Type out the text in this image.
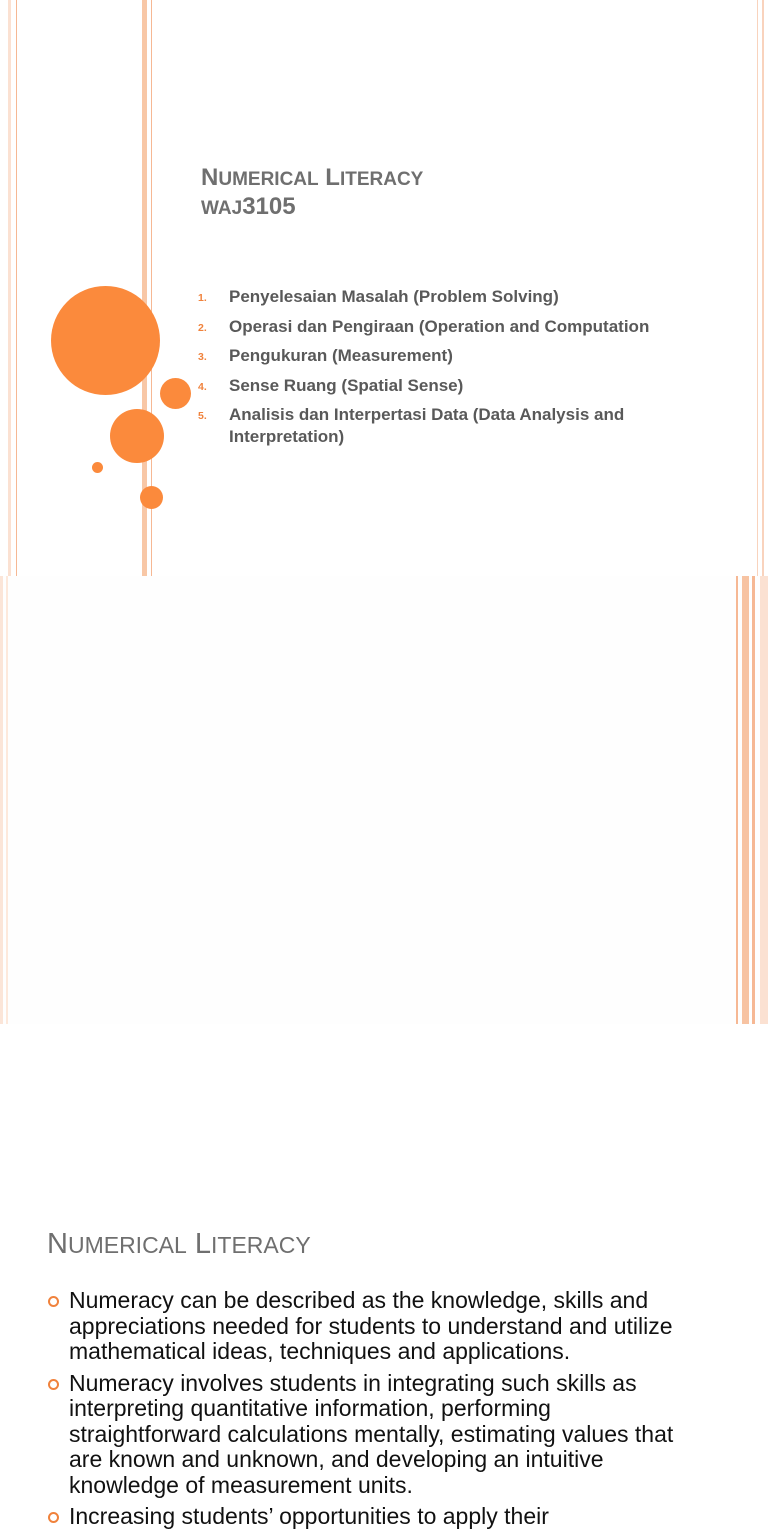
NUMERICAL LITERACY
WAJ3105
1. Penyelesaian Masalah (Problem Solving)
2. Operasi dan Pengiraan (Operation and Computation
3. Pengukuran (Measurement)
4. Sense Ruang (Spatial Sense)
5. Analisis dan Interpertasi Data (Data Analysis and Interpretation)
NUMERICAL LITERACY
Numeracy can be described as the knowledge, skills and appreciations needed for students to understand and utilize mathematical ideas, techniques and applications.
Numeracy involves students in integrating such skills as interpreting quantitative information, performing straightforward calculations mentally, estimating values that are known and unknown, and developing an intuitive knowledge of measurement units.
Increasing students’ opportunities to apply their
